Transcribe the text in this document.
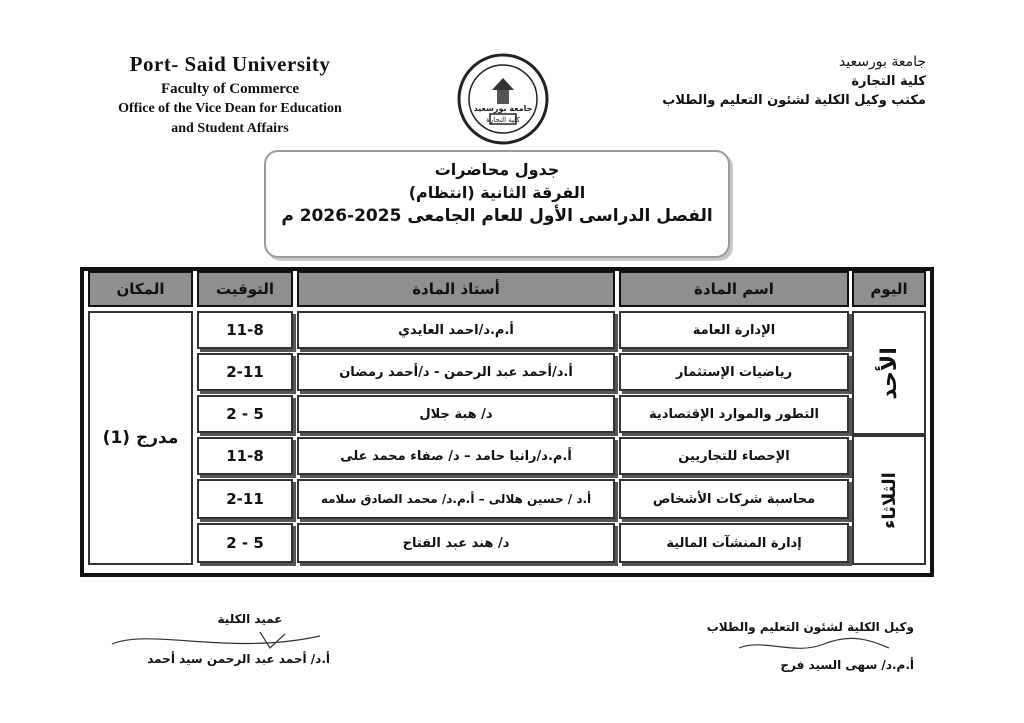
Port- Said University
Faculty of Commerce
Office of the Vice Dean for Education
and Student Affairs
جامعة بورسعيد
كلية التجارة
جامعة بورسعيد
كلية التجارة
مكتب وكيل الكلية لشئون التعليم والطلاب
جدول محاضرات
الفرقة الثانية (انتظام)
الفصل الدراسى الأول للعام الجامعى 2025-2026 م
اليوم
اسم المادة
أستاذ المادة
التوقيت
المكان
الأحد
الثلاثاء
مدرج (1)
الإدارة العامة
أ.م.د/احمد العايدي
11-8
رياضيات الإستثمار
أ.د/أحمد عبد الرحمن - د/أحمد رمضان
2-11
التطور والموارد الإقتصادية
د/ هبة جلال
5 - 2
الإحصاء للتجاريين
أ.م.د/رانيا حامد – د/ صفاء محمد على
11-8
محاسبة شركات الأشخاص
أ.د / حسين هلالى – أ.م.د/ محمد الصادق سلامه
2-11
إدارة المنشآت المالية
د/ هند عبد الفتاح
5 - 2
وكيل الكلية لشئون التعليم والطلاب
أ.م.د/ سهى السيد فرج
عميد الكلية
أ.د/ أحمد عبد الرحمن سيد أحمد
